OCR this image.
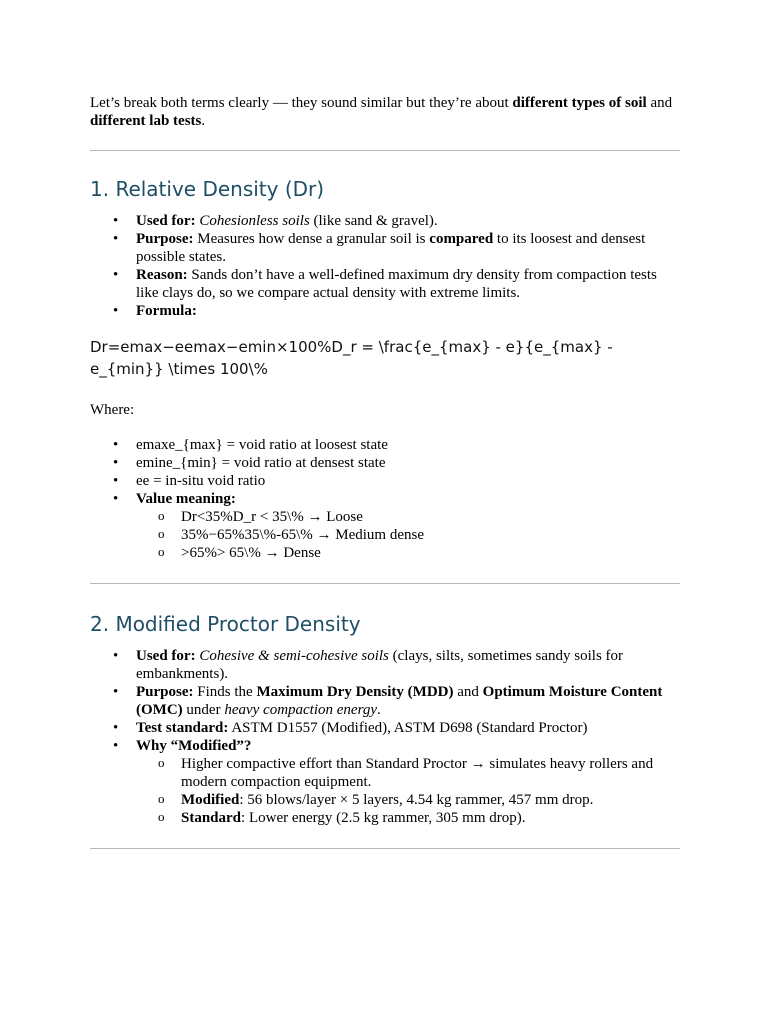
Let’s break both terms clearly — they sound similar but they’re about different types of soil and different lab tests.

1. Relative Density (Dr)
• Used for: Cohesionless soils (like sand & gravel).
• Purpose: Measures how dense a granular soil is compared to its loosest and densest possible states.
• Reason: Sands don’t have a well-defined maximum dry density from compaction tests like clays do, so we compare actual density with extreme limits.
• Formula:

Dr=emax−eemax−emin×100%D_r = \frac{e_{max} - e}{e_{max} - e_{min}} \times 100\%

Where:

• emaxe_{max} = void ratio at loosest state
• emine_{min} = void ratio at densest state
• ee = in-situ void ratio
• Value meaning:
o Dr<35%D_r < 35\% → Loose
o 35%−65%35\%-65\% → Medium dense
o >65%> 65\% → Dense
2. Modified Proctor Density
• Used for: Cohesive & semi-cohesive soils (clays, silts, sometimes sandy soils for embankments).
• Purpose: Finds the Maximum Dry Density (MDD) and Optimum Moisture Content (OMC) under heavy compaction energy.
• Test standard: ASTM D1557 (Modified), ASTM D698 (Standard Proctor)
• Why “Modified”?
o Higher compactive effort than Standard Proctor → simulates heavy rollers and modern compaction equipment.
o Modified: 56 blows/layer × 5 layers, 4.54 kg rammer, 457 mm drop.
o Standard: Lower energy (2.5 kg rammer, 305 mm drop).
